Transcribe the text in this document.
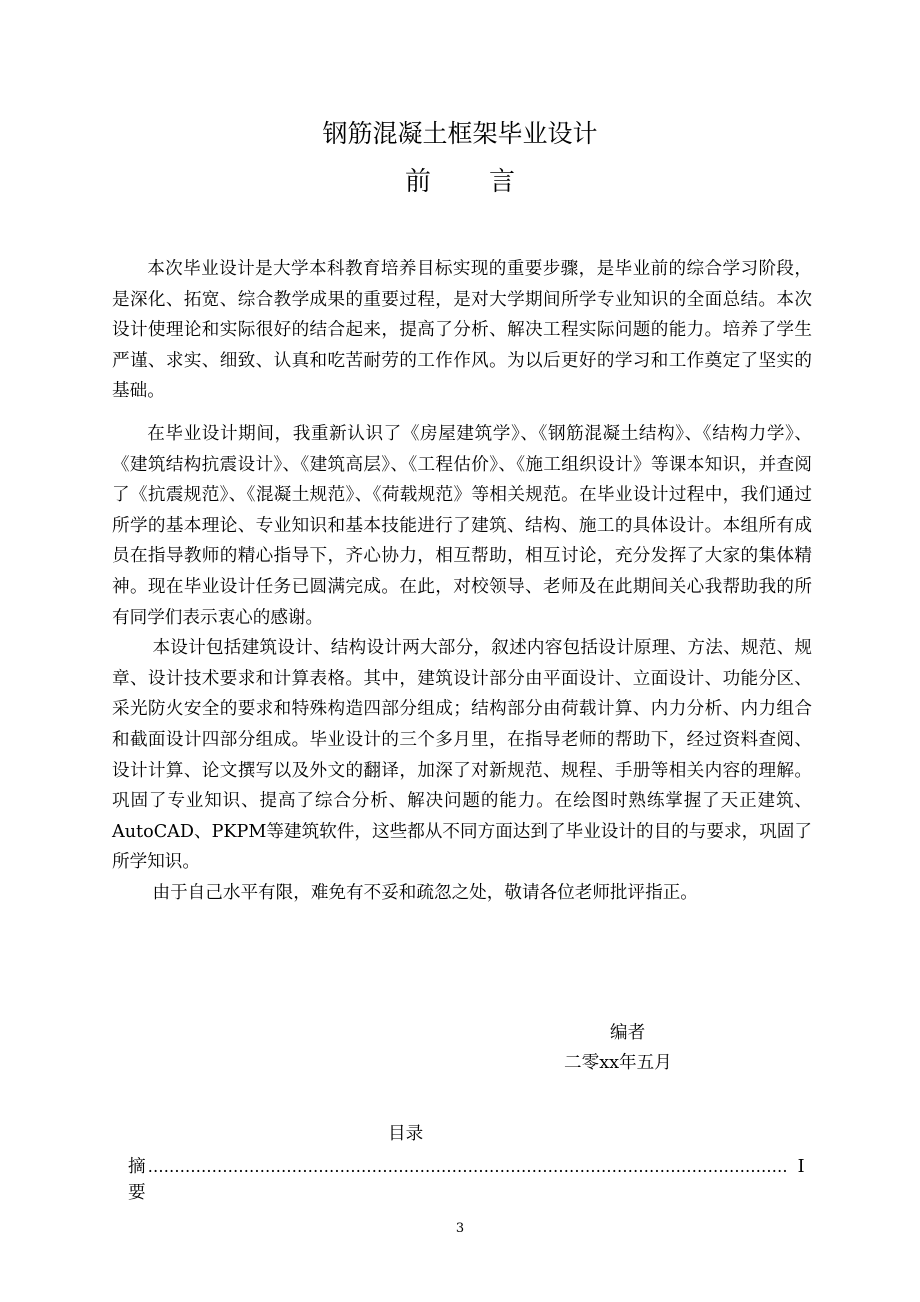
钢筋混凝土框架毕业设计
前 言

本次毕业设计是大学本科教育培养目标实现的重要步骤，是毕业前的综合学习阶段，是深化、拓宽、综合教学成果的重要过程，是对大学期间所学专业知识的全面总结。本次设计使理论和实际很好的结合起来，提高了分析、解决工程实际问题的能力。培养了学生严谨、求实、细致、认真和吃苦耐劳的工作作风。为以后更好的学习和工作奠定了坚实的基础。

在毕业设计期间，我重新认识了《房屋建筑学》、《钢筋混凝土结构》、《结构力学》、《建筑结构抗震设计》、《建筑高层》、《工程估价》、《施工组织设计》等课本知识，并查阅了《抗震规范》、《混凝土规范》、《荷载规范》等相关规范。在毕业设计过程中，我们通过所学的基本理论、专业知识和基本技能进行了建筑、结构、施工的具体设计。本组所有成员在指导教师的精心指导下，齐心协力，相互帮助，相互讨论，充分发挥了大家的集体精神。现在毕业设计任务已圆满完成。在此，对校领导、老师及在此期间关心我帮助我的所有同学们表示衷心的感谢。

本设计包括建筑设计、结构设计两大部分，叙述内容包括设计原理、方法、规范、规章、设计技术要求和计算表格。其中，建筑设计部分由平面设计、立面设计、功能分区、采光防火安全的要求和特殊构造四部分组成；结构部分由荷载计算、内力分析、内力组合和截面设计四部分组成。毕业设计的三个多月里，在指导老师的帮助下，经过资料查阅、设计计算、论文撰写以及外文的翻译，加深了对新规范、规程、手册等相关内容的理解。巩固了专业知识、提高了综合分析、解决问题的能力。在绘图时熟练掌握了天正建筑、AutoCAD、PKPM等建筑软件，这些都从不同方面达到了毕业设计的目的与要求，巩固了所学知识。

由于自己水平有限，难免有不妥和疏忽之处，敬请各位老师批评指正。

编者
二零xx年五月
目录
摘要
………………………………………………………………………………………………………… I
3
